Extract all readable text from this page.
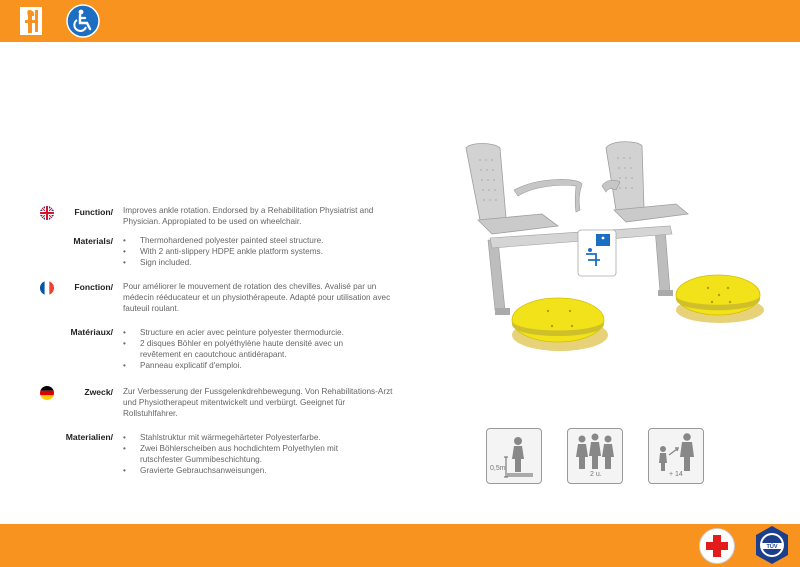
Function/ Improves ankle rotation. Endorsed by a Rehabilitation Physiatrist and Physician. Appropiated to be used on wheelchair.
Materials/	• Thermohardened polyester painted steel structure.
• With 2 anti-slippery HDPE ankle platform systems.
• Sign included.
Fonction/ Pour améliorer le mouvement de rotation des chevilles. Avalisé par un médecin rééducateur et un physiothérapeute. Adapté pour utilisation avec fauteuil roulant.
Matériaux/	• Structure en acier avec peinture polyester thermodurcie.
• 2 disques Böhler en polyéthylène haute densité avec un revêtement en caoutchouc antidérapant.
• Panneau explicatif d'emploi.
Zweck/ Zur Verbesserung der Fussgelenkdrehbewegung. Von Rehabilitations-Arzt und Physiotherapeut mitentwickelt und verbürgt. Geeignet für Rollstuhlfahrer.
Materialien/	• Stahlstruktur mit wärmegehärteter Polyesterfarbe.
• Zwei Böhlerscheiben aus hochdichtem Polyethylen mit rutschfester Gummibeschichtung.
• Gravierte Gebrauchsanweisungen.	0,5m
2 u.	+ 14
TÜV
